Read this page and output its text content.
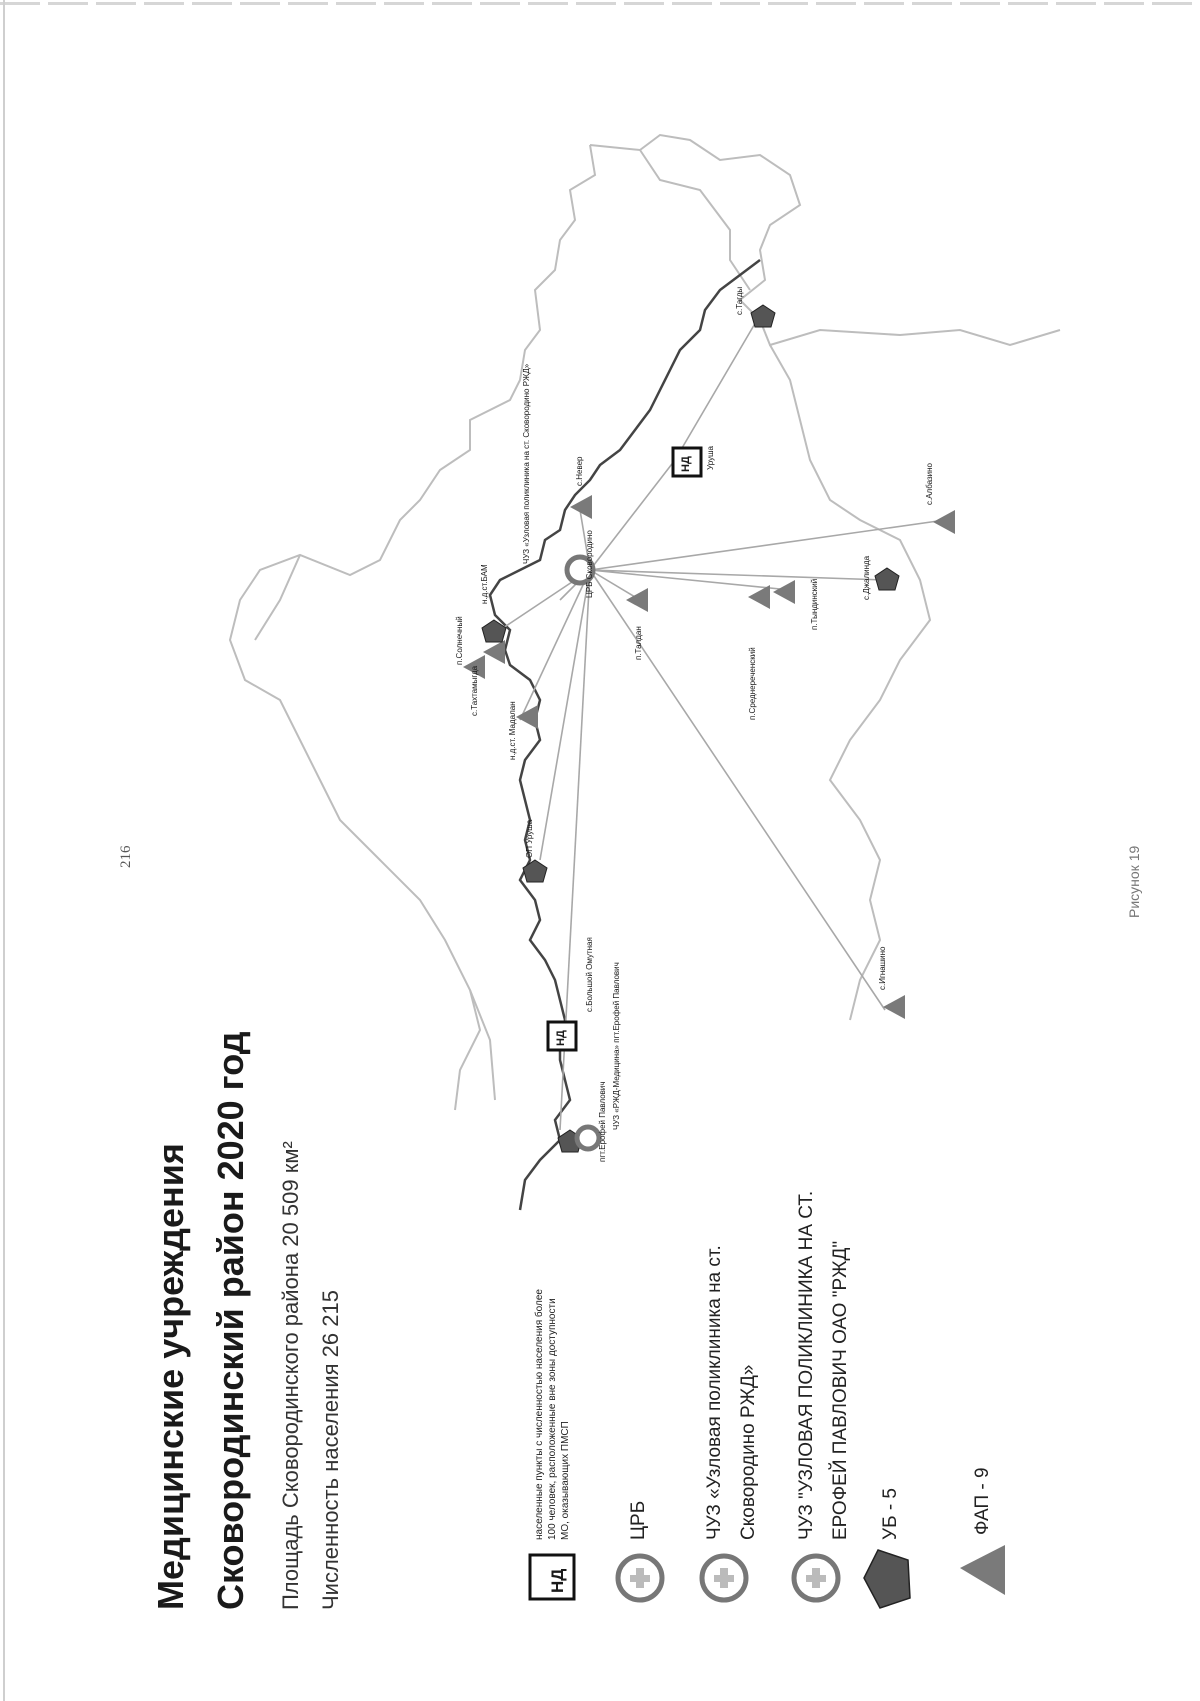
пгт.Ерофей Павлович ЧУЗ «РЖД-Медицина» пгт.Ерофей Павлович
ОП Урушa
с.Большой Омутная
н.д.ст. Мадалан
с.Тахтамыгда
п.Солнечный
н.д.ст.БАМ
ЧУЗ «Узловая поликлиника на ст. Сковородино РЖД»
ЦРБ Сковородино
с.Невер	Уруша
с.Тагды
п.Талдан
п.Среднереченский
п.Тындинский
с.Джалинда
с.Албазино
с.Игнашино
НД
НД
216	Рисунок 19
Медицинские учреждения Сковородинский район 2020 год Площадь Сковородинского района 20 509 км² Численность населения 26 215	НД
населенные пункты с численностью населения более 100 человек, расположенные вне зоны доступности МО, оказывающих ПМСП	ЦРБ	ЧУЗ «Узловая поликлиника на ст. Сковородино РЖД» ЧУЗ "УЗЛОВАЯ ПОЛИКЛИНИКА НА СТ. ЕРОФЕЙ ПАВЛОВИЧ ОАО "РЖД" УБ - 5	ФАП - 9
